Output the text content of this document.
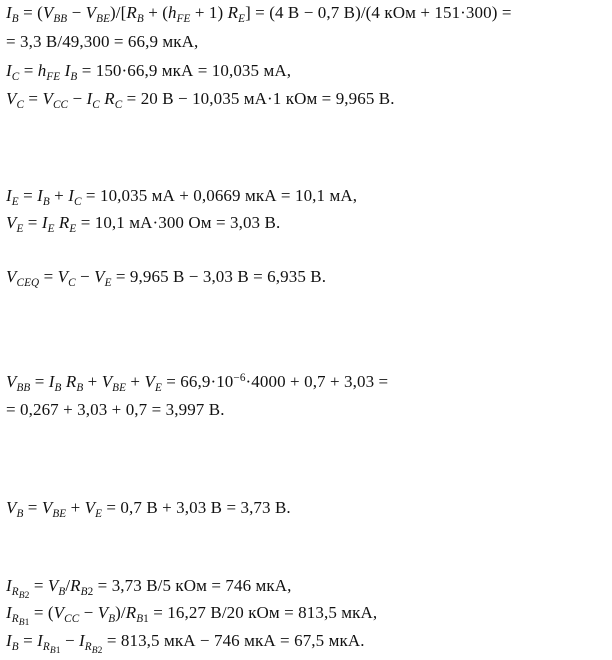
$I_B = (V_{BB} - V_{BE})/[R_B + (h_{FE} + 1) R_E] = (4$ В − 0,7 В)/(4 кОм + 151·300) =

= 3,3 В/49,300 = 66,9 мкА,

$I_C = h_{FE}$ $I_B = 150\cdot 66,9$ мкА = 10,035 мА,

$V_C = V_{CC} - I_C$ $R_C = 20$ В − 10,035 мА·1 кОм = 9,965 В.

$I_E = I_B + I_C = 10,035$ мА + 0,0669 мкА = 10,1 мА,

$V_E = I_E$ $R_E = 10,1$ мА·300 Ом = 3,03 В.

$V_{CEQ} = V_C - V_E = 9,965$ В − 3,03 В = 6,935 В.

$V_{BB} = I_B$ $R_B + V_{BE} + V_E = 66,9\cdot 10^{-6}\cdot 4000 + 0,7 + 3,03$ =

= 0,267 + 3,03 + 0,7 = 3,997 В.

$V_B = V_{BE} + V_E = 0,7$ В + 3,03 В = 3,73 В.

$I_{R_{B2}} = V_B/R_{B2} = 3,73$ В/5 кОм = 746 мкА,

$I_{R_{B1}} = (V_{CC} - V_B)/R_{B1} = 16,27$ В/20 кОм = 813,5 мкА,

$I_B = I_{R_{B1}} - I_{R_{B2}} = 813,5$ мкА − 746 мкА = 67,5 мкА.
